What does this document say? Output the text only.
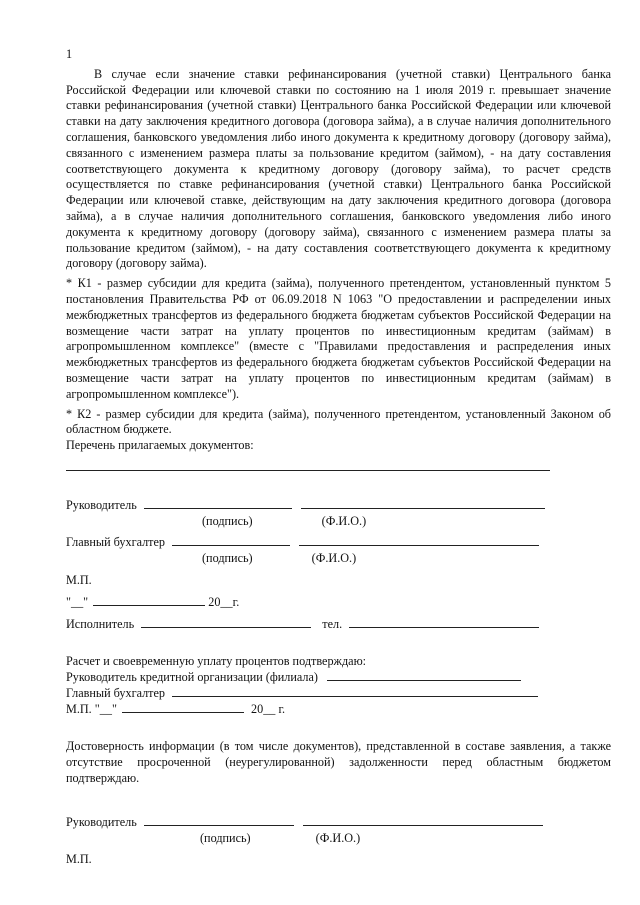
1

В случае если значение ставки рефинансирования (учетной ставки) Центрального банка Российской Федерации или ключевой ставки по состоянию на 1 июля 2019 г. превышает значение ставки рефинансирования (учетной ставки) Центрального банка Российской Федерации или ключевой ставки на дату заключения кредитного договора (договора займа), а в случае наличия дополнительного соглашения, банковского уведомления либо иного документа к кредитному договору (договору займа), связанного с изменением размера платы за пользование кредитом (займом), - на дату составления соответствующего документа к кредитному договору (договору займа), то расчет средств осуществляется по ставке рефинансирования (учетной ставки) Центрального банка Российской Федерации или ключевой ставке, действующим на дату заключения кредитного договора (договора займа), а в случае наличия дополнительного соглашения, банковского уведомления либо иного документа к кредитному договору (договору займа), связанного с изменением размера платы за пользование кредитом (займом), - на дату составления соответствующего документа к кредитному договору (договору займа).

* К1 - размер субсидии для кредита (займа), полученного претендентом, установленный пунктом 5 постановления Правительства РФ от 06.09.2018 N 1063 "О предоставлении и распределении иных межбюджетных трансфертов из федерального бюджета бюджетам субъектов Российской Федерации на возмещение части затрат на уплату процентов по инвестиционным кредитам (займам) в агропромышленном комплексе" (вместе с "Правилами предоставления и распределения иных межбюджетных трансфертов из федерального бюджета бюджетам субъектов Российской Федерации на возмещение части затрат на уплату процентов по инвестиционным кредитам (займам) в агропромышленном комплексе").

* К2 - размер субсидии для кредита (займа), полученного претендентом, установленный Законом об областном бюджете.

Перечень прилагаемых документов:

Руководитель

(подпись)	(Ф.И.О.)

Главный бухгалтер

(подпись)	(Ф.И.О.)

М.П.

"__"	20__г.

Исполнитель	тел.

Расчет и своевременную уплату процентов подтверждаю:

Руководитель кредитной организации (филиала)

Главный бухгалтер

М.П. "__"	20__ г.

Достоверность информации (в том числе документов), представленной в составе заявления, а также отсутствие просроченной (неурегулированной) задолженности перед областным бюджетом подтверждаю.

Руководитель

(подпись)	(Ф.И.О.)

М.П.
